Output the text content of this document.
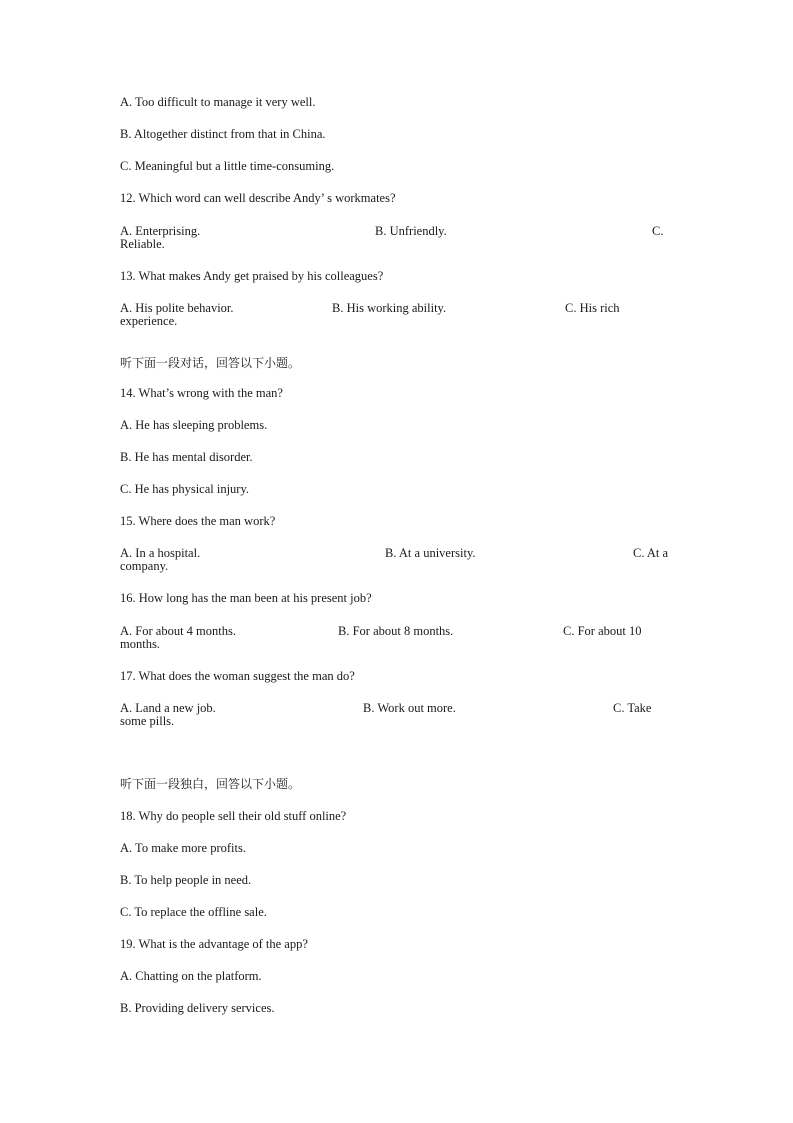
A. Too difficult to manage it very well.
B. Altogether distinct from that in China.
C. Meaningful but a little time-consuming.
12. Which word can well describe Andy’ s workmates?
A. Enterprising.	B. Unfriendly.	C.
Reliable.
13. What makes Andy get praised by his colleagues?
A. His polite behavior.	B. His working ability.	C. His rich
experience.
听下面一段对话，回答以下小题。
14. What’s wrong with the man?
A. He has sleeping problems.
B. He has mental disorder.
C. He has physical injury.
15. Where does the man work?
A. In a hospital.	B. At a university.	C. At a
company.
16. How long has the man been at his present job?
A. For about 4 months.	B. For about 8 months.	C. For about 10
months.
17. What does the woman suggest the man do?
A. Land a new job.	B. Work out more.	C. Take
some pills.
听下面一段独白，回答以下小题。
18. Why do people sell their old stuff online?
A. To make more profits.
B. To help people in need.
C. To replace the offline sale.
19. What is the advantage of the app?
A. Chatting on the platform.
B. Providing delivery services.
